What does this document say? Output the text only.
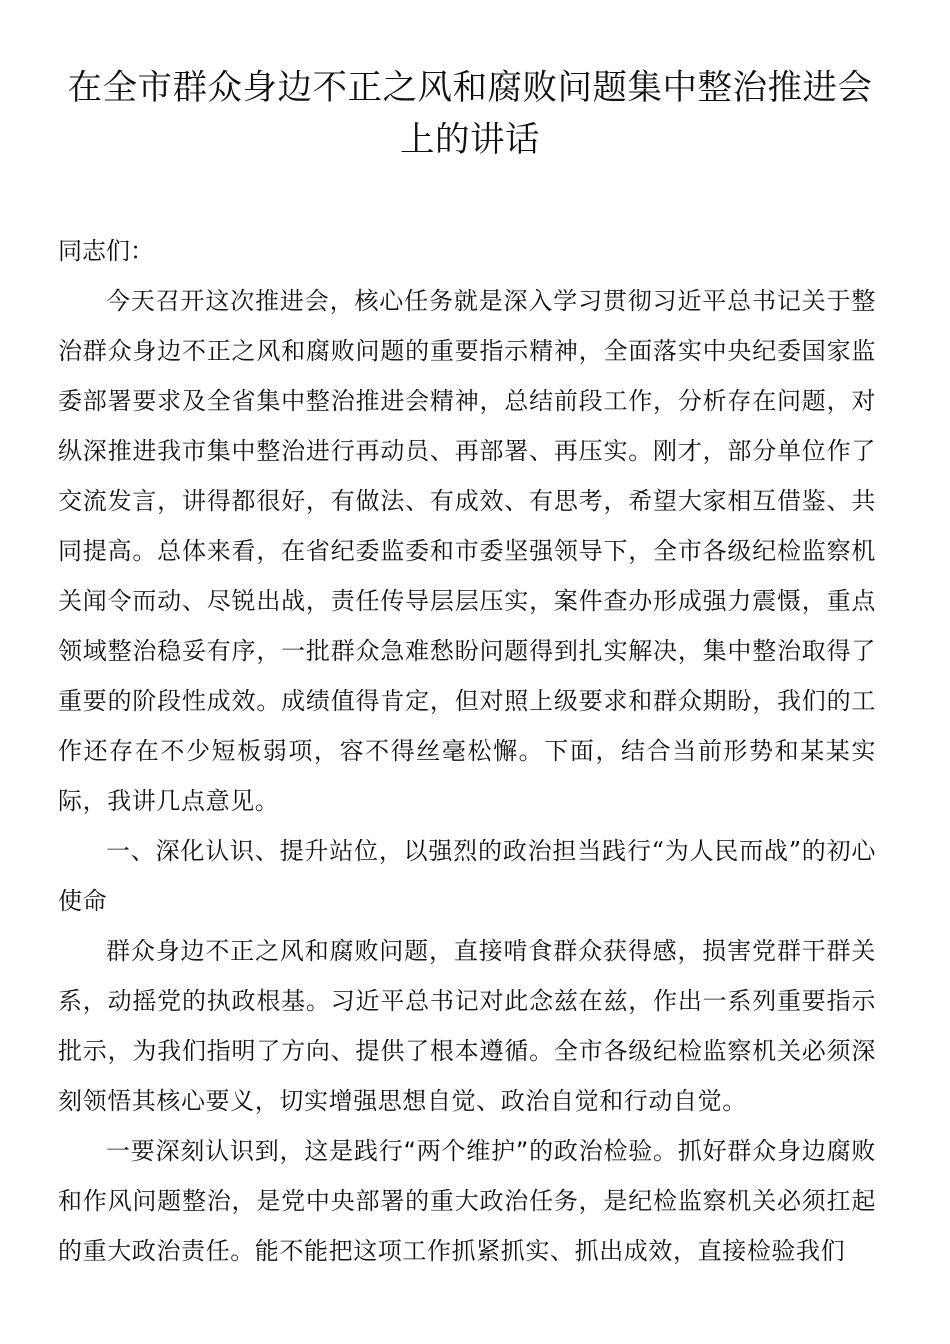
在全市群众身边不正之风和腐败问题集中整治推进会上的讲话

同志们：

今天召开这次推进会，核心任务就是深入学习贯彻习近平总书记关于整治群众身边不正之风和腐败问题的重要指示精神，全面落实中央纪委国家监委部署要求及全省集中整治推进会精神，总结前段工作，分析存在问题，对纵深推进我市集中整治进行再动员、再部署、再压实。刚才，部分单位作了交流发言，讲得都很好，有做法、有成效、有思考，希望大家相互借鉴、共同提高。总体来看，在省纪委监委和市委坚强领导下，全市各级纪检监察机关闻令而动、尽锐出战，责任传导层层压实，案件查办形成强力震慑，重点领域整治稳妥有序，一批群众急难愁盼问题得到扎实解决，集中整治取得了重要的阶段性成效。成绩值得肯定，但对照上级要求和群众期盼，我们的工作还存在不少短板弱项，容不得丝毫松懈。下面，结合当前形势和某某实际，我讲几点意见。

一、深化认识、提升站位，以强烈的政治担当践行“为人民而战”的初心使命

群众身边不正之风和腐败问题，直接啃食群众获得感，损害党群干群关系，动摇党的执政根基。习近平总书记对此念兹在兹，作出一系列重要指示批示，为我们指明了方向、提供了根本遵循。全市各级纪检监察机关必须深刻领悟其核心要义，切实增强思想自觉、政治自觉和行动自觉。

一要深刻认识到，这是践行“两个维护”的政治检验。抓好群众身边腐败和作风问题整治，是党中央部署的重大政治任务，是纪检监察机关必须扛起的重大政治责任。能不能把这项工作抓紧抓实、抓出成效，直接检验我们
